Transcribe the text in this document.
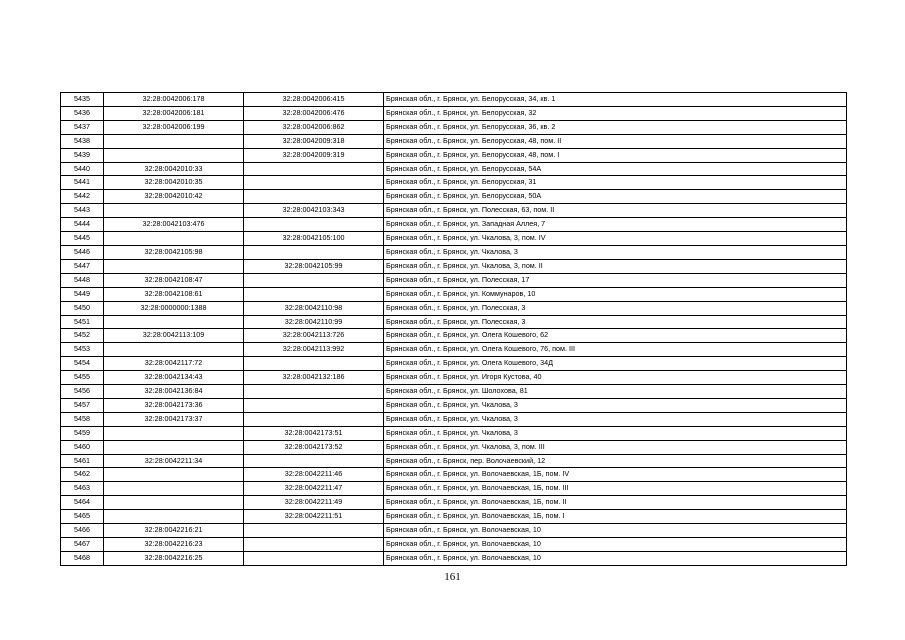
5435	32:28:0042006:178	32:28:0042006:415	Брянская обл., г. Брянск, ул. Белорусская, 34, кв. 1
5436	32:28:0042006:181	32:28:0042006:476	Брянская обл., г. Брянск, ул. Белорусская, 32
5437	32:28:0042006:199	32:28:0042006:862	Брянская обл., г. Брянск, ул. Белорусская, 36, кв. 2
5438		32:28:0042009:318	Брянская обл., г. Брянск, ул. Белорусская, 48, пом. II
5439		32:28:0042009:319	Брянская обл., г. Брянск, ул. Белорусская, 48, пом. I
5440	32:28:0042010:33		Брянская обл., г. Брянск, ул. Белорусская, 54А
5441	32:28:0042010:35		Брянская обл., г. Брянск, ул. Белорусская, 31
5442	32:28:0042010:42		Брянская обл., г. Брянск, ул. Белорусская, 50А
5443		32:28:0042103:343	Брянская обл., г. Брянск, ул. Полесская, 63, пом. II
5444	32:28:0042103:476		Брянская обл., г. Брянск, ул. Западная Аллея, 7
5445		32:28:0042105:100	Брянская обл., г. Брянск, ул. Чкалова, 3, пом. IV
5446	32:28:0042105:98		Брянская обл., г. Брянск, ул. Чкалова, 3
5447		32:28:0042105:99	Брянская обл., г. Брянск, ул. Чкалова, 3, пом. II
5448	32:28:0042108:47		Брянская обл., г. Брянск, ул. Полесская, 17
5449	32:28:0042108:61		Брянская обл., г. Брянск, ул. Коммунаров, 10
5450	32:28:0000000:1388	32:28:0042110:98	Брянская обл., г. Брянск, ул. Полесская, 3
5451		32:28:0042110:99	Брянская обл., г. Брянск, ул. Полесская, 3
5452	32:28:0042113:109	32:28:0042113:726	Брянская обл., г. Брянск, ул. Олега Кошевого, 62
5453		32:28:0042113:992	Брянская обл., г. Брянск, ул. Олега Кошевого, 76, пом. III
5454	32:28:0042117:72		Брянская обл., г. Брянск, ул. Олега Кошевого, 34Д
5455	32:28:0042134:43	32:28:0042132:186	Брянская обл., г. Брянск, ул. Игоря Кустова, 40
5456	32:28:0042136:84		Брянская обл., г. Брянск, ул. Шолохова, 81
5457	32:28:0042173:36		Брянская обл., г. Брянск, ул. Чкалова, 3
5458	32:28:0042173:37		Брянская обл., г. Брянск, ул. Чкалова, 3
5459		32:28:0042173:51	Брянская обл., г. Брянск, ул. Чкалова, 3
5460		32:28:0042173:52	Брянская обл., г. Брянск, ул. Чкалова, 3, пом. III
5461	32:28:0042211:34		Брянская обл., г. Брянск, пер. Волочаевский, 12
5462		32:28:0042211:46	Брянская обл., г. Брянск, ул. Волочаевская, 1Б, пом. IV
5463		32:28:0042211:47	Брянская обл., г. Брянск, ул. Волочаевская, 1Б, пом. III
5464		32:28:0042211:49	Брянская обл., г. Брянск, ул. Волочаевская, 1Б, пом. II
5465		32:28:0042211:51	Брянская обл., г. Брянск, ул. Волочаевская, 1Б, пом. I
5466	32:28:0042216:21		Брянская обл., г. Брянск, ул. Волочаевская, 10
5467	32:28:0042216:23		Брянская обл., г. Брянск, ул. Волочаевская, 10
5468	32:28:0042216:25		Брянская обл., г. Брянск, ул. Волочаевская, 10
161
